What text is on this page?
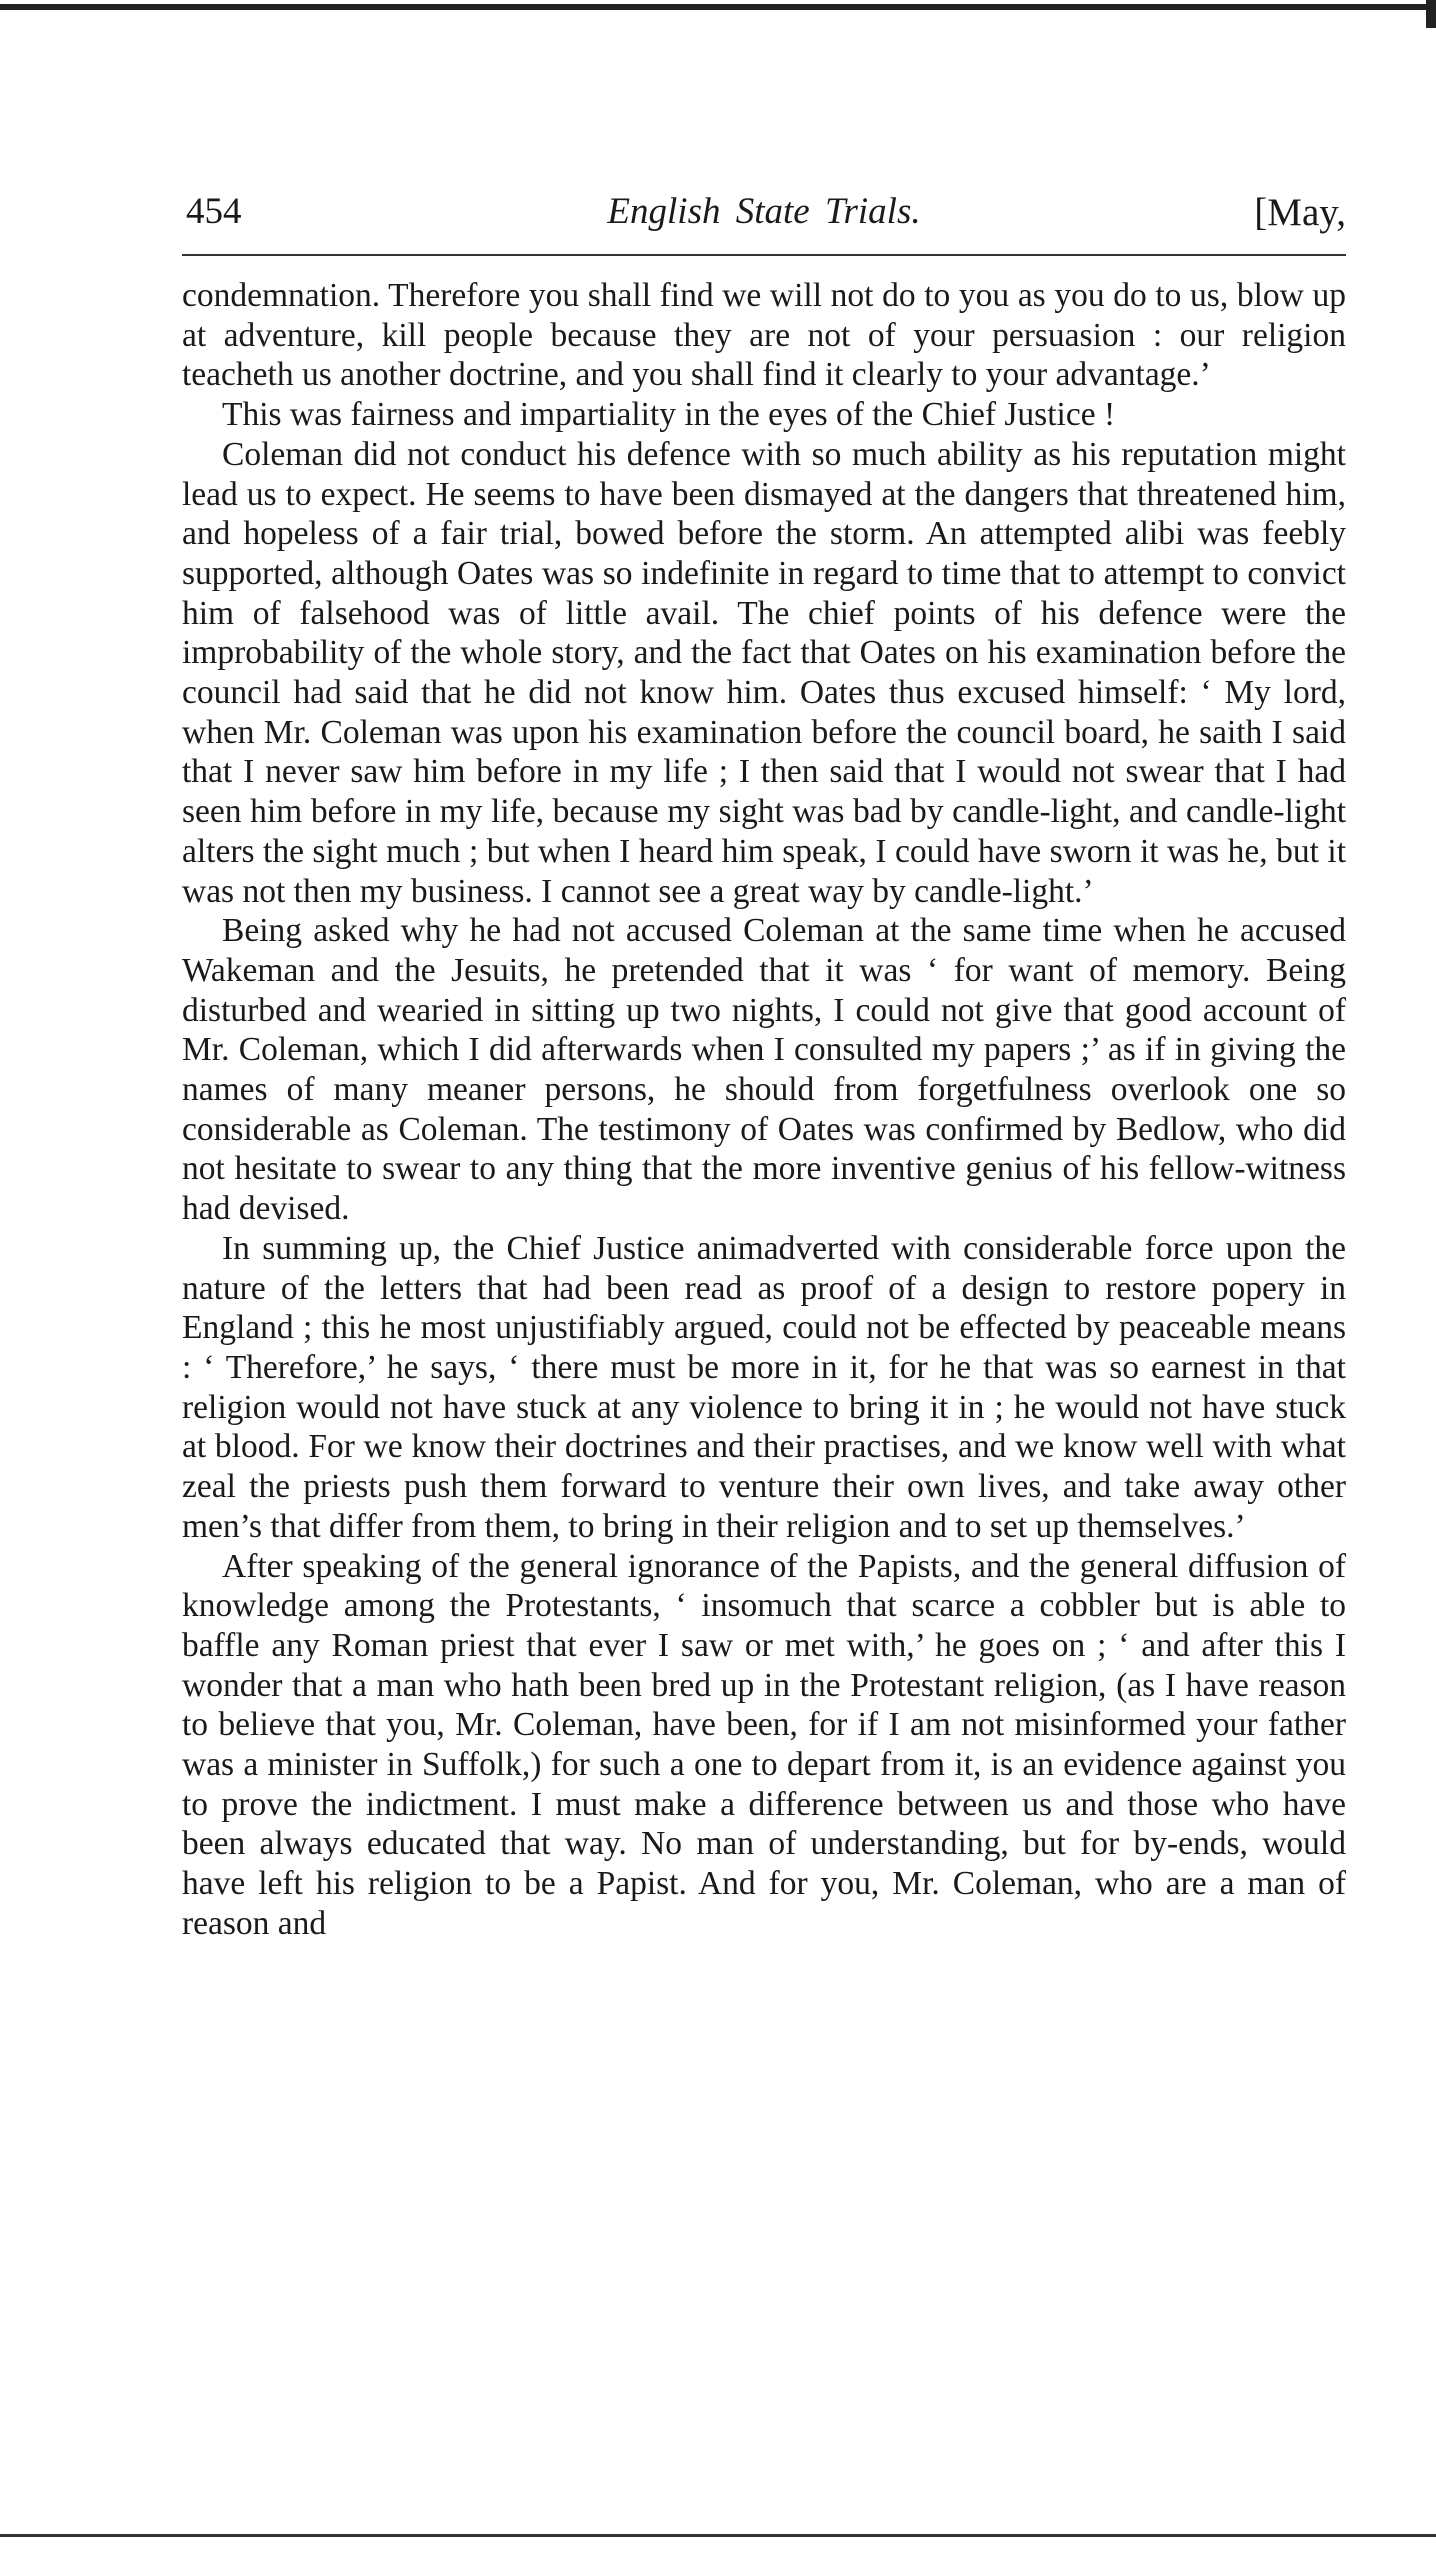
454	English State Trials.	[May,

condemnation. Therefore you shall find we will not do to you as you do to us, blow up at adventure, kill people because they are not of your persuasion : our religion teacheth us another doctrine, and you shall find it clearly to your advantage.’

This was fairness and impartiality in the eyes of the Chief Justice !

Coleman did not conduct his defence with so much ability as his reputation might lead us to expect. He seems to have been dismayed at the dangers that threatened him, and hopeless of a fair trial, bowed before the storm. An attempted alibi was feebly supported, although Oates was so indefinite in regard to time that to attempt to convict him of falsehood was of little avail. The chief points of his defence were the improbability of the whole story, and the fact that Oates on his examination before the council had said that he did not know him. Oates thus excused himself: ‘ My lord, when Mr. Coleman was upon his examination before the council board, he saith I said that I never saw him before in my life ; I then said that I would not swear that I had seen him before in my life, because my sight was bad by candle-light, and candle-light alters the sight much ; but when I heard him speak, I could have sworn it was he, but it was not then my business. I cannot see a great way by candle-light.’

Being asked why he had not accused Coleman at the same time when he accused Wakeman and the Jesuits, he pretended that it was ‘ for want of memory. Being disturbed and wearied in sitting up two nights, I could not give that good account of Mr. Coleman, which I did afterwards when I consulted my papers ;’ as if in giving the names of many meaner persons, he should from forgetfulness overlook one so considerable as Coleman. The testimony of Oates was confirmed by Bedlow, who did not hesitate to swear to any thing that the more inventive genius of his fellow-witness had devised.

In summing up, the Chief Justice animadverted with considerable force upon the nature of the letters that had been read as proof of a design to restore popery in England ; this he most unjustifiably argued, could not be effected by peaceable means : ‘ Therefore,’ he says, ‘ there must be more in it, for he that was so earnest in that religion would not have stuck at any violence to bring it in ; he would not have stuck at blood. For we know their doctrines and their practises, and we know well with what zeal the priests push them forward to venture their own lives, and take away other men’s that differ from them, to bring in their religion and to set up themselves.’

After speaking of the general ignorance of the Papists, and the general diffusion of knowledge among the Protestants, ‘ insomuch that scarce a cobbler but is able to baffle any Roman priest that ever I saw or met with,’ he goes on ; ‘ and after this I wonder that a man who hath been bred up in the Protestant religion, (as I have reason to believe that you, Mr. Coleman, have been, for if I am not misinformed your father was a minister in Suffolk,) for such a one to depart from it, is an evidence against you to prove the indictment. I must make a difference between us and those who have been always educated that way. No man of understanding, but for by-ends, would have left his religion to be a Papist. And for you, Mr. Coleman, who are a man of reason and
